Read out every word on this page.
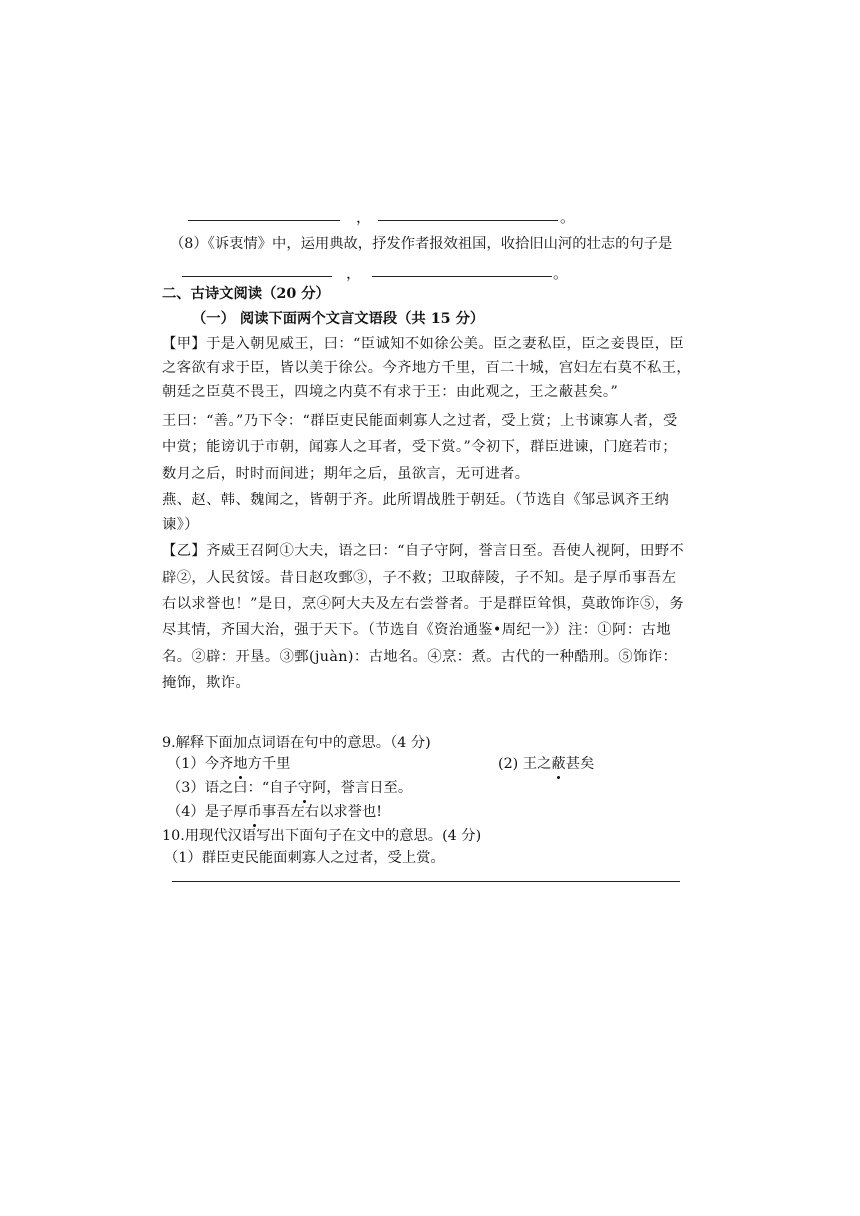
，	。
（8）《诉衷情》中，运用典故，抒发作者报效祖国，收拾旧山河的壮志的句子是
，	。
二、古诗文阅读（20 分）
（一） 阅读下面两个文言文语段（共 15 分）
【甲】于是入朝见威王，曰：“臣诚知不如徐公美。臣之妻私臣，臣之妾畏臣，臣
之客欲有求于臣，皆以美于徐公。今齐地方千里，百二十城，宫妇左右莫不私王，
朝廷之臣莫不畏王，四境之内莫不有求于王：由此观之，王之蔽甚矣。”
王曰：“善。”乃下令：“群臣吏民能面刺寡人之过者，受上赏；上书谏寡人者，受
中赏；能谤讥于市朝，闻寡人之耳者，受下赏。”令初下，群臣进谏，门庭若市；
数月之后，时时而间进；期年之后，虽欲言，无可进者。
燕、赵、韩、魏闻之，皆朝于齐。此所谓战胜于朝廷。（节选自《邹忌讽齐王纳
谏》）
【乙】齐威王召阿①大夫，语之曰：“自子守阿，誉言日至。吾使人视阿，田野不
辟②，人民贫馁。昔日赵攻鄄③，子不救；卫取薛陵，子不知。是子厚币事吾左
右以求誉也！”是日，烹④阿大夫及左右尝誉者。于是群臣耸惧，莫敢饰诈⑤，务
尽其情，齐国大治，强于天下。（节选自《资治通鉴•周纪一》）注：①阿：古地
名。②辟：开垦。③鄄(juàn)：古地名。④烹：煮。古代的一种酷刑。⑤饰诈：
掩饰，欺诈。
9.解释下面加点词语在句中的意思。（4 分)
（1）今齐地方千里	(2) 王之蔽甚矣
（3）语之曰：“自子守阿，誉言日至。
（4）是子厚币事吾左右以求誉也!
10.用现代汉语写出下面句子在文中的意思。(4 分)
（1）群臣吏民能面刺寡人之过者，受上赏。
